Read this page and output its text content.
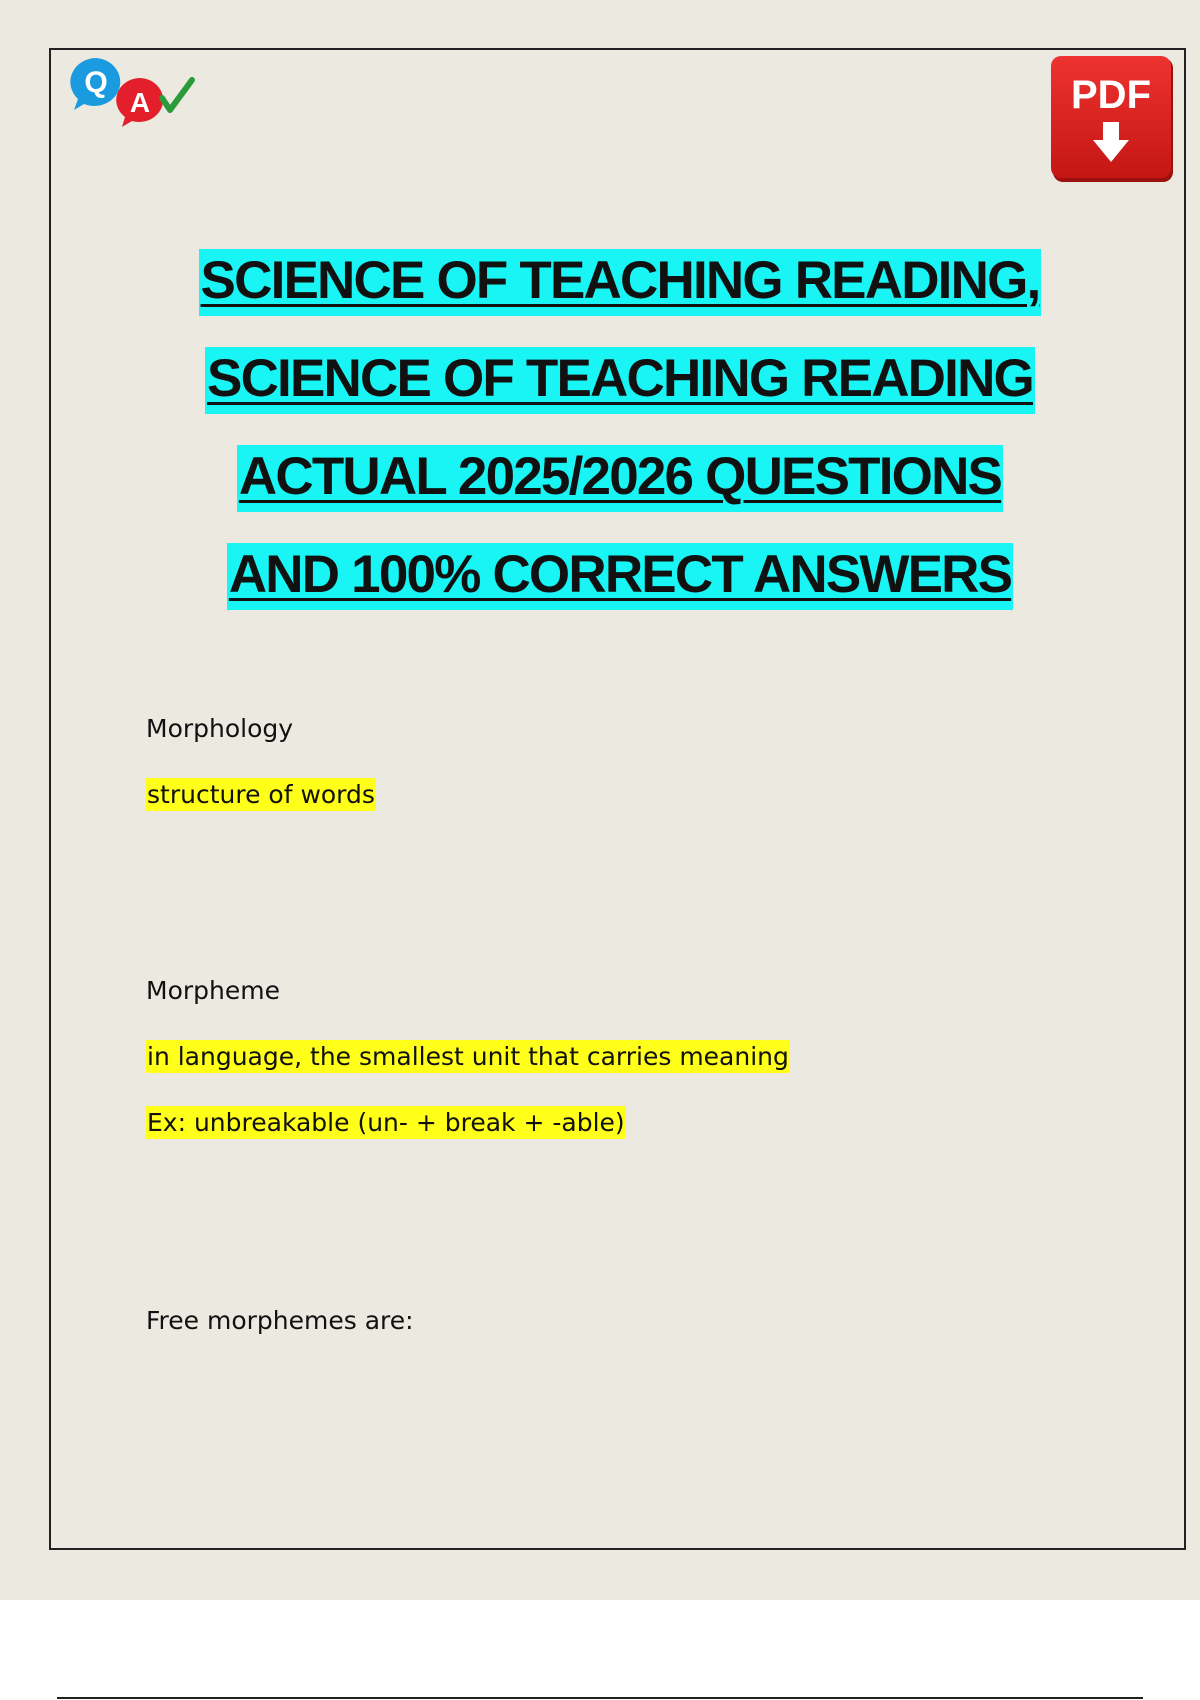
Q
A	PDF
SCIENCE OF TEACHING READING,
SCIENCE OF TEACHING READING
ACTUAL 2025/2026 QUESTIONS
AND 100% CORRECT ANSWERS
Morphology
structure of words
Morpheme
in language, the smallest unit that carries meaning
Ex: unbreakable (un- + break + -able)
Free morphemes are:
